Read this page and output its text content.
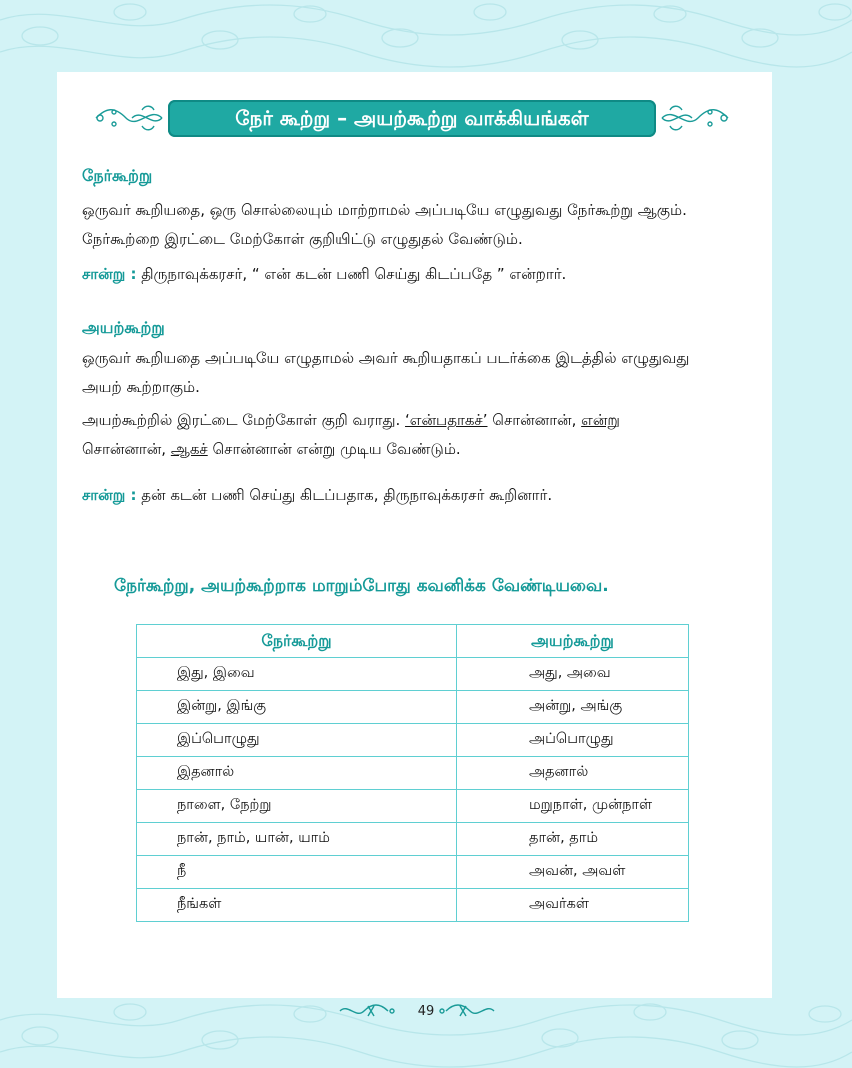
நேர் கூற்று – அயற்கூற்று வாக்கியங்கள்
நேர்கூற்று
ஒருவர் கூறியதை, ஒரு சொல்லையும் மாற்றாமல் அப்படியே எழுதுவது நேர்கூற்று ஆகும்.
நேர்கூற்றை இரட்டை மேற்கோள் குறியிட்டு எழுதுதல் வேண்டும்.
சான்று : திருநாவுக்கரசர், “ என் கடன் பணி செய்து கிடப்பதே ” என்றார்.
அயற்கூற்று
ஒருவர் கூறியதை அப்படியே எழுதாமல் அவர் கூறியதாகப் படர்க்கை இடத்தில் எழுதுவது
அயற் கூற்றாகும்.
அயற்கூற்றில் இரட்டை மேற்கோள் குறி வராது. ‘என்பதாகச்’ சொன்னான், என்று
சொன்னான், ஆகச் சொன்னான் என்று முடிய வேண்டும்.
சான்று : தன் கடன் பணி செய்து கிடப்பதாக, திருநாவுக்கரசர் கூறினார்.
நேர்கூற்று, அயற்கூற்றாக மாறும்போது கவனிக்க வேண்டியவை.
நேர்கூற்று	அயற்கூற்று
இது, இவை	அது, அவை
இன்று, இங்கு	அன்று, அங்கு
இப்பொழுது	அப்பொழுது
இதனால்	அதனால்
நாளை, நேற்று	மறுநாள், முன்நாள்
நான், நாம், யான், யாம்	தான், தாம்
நீ	அவன், அவள்
நீங்கள்	அவர்கள்
49
